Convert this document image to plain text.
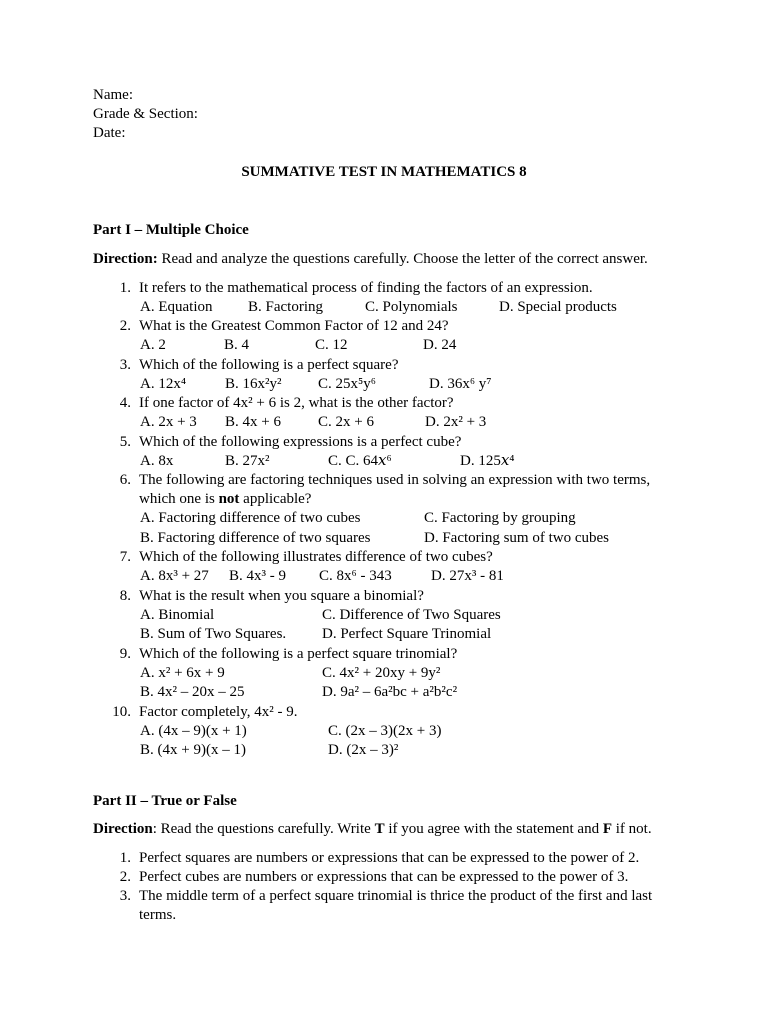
Name:
Grade & Section:
Date:
SUMMATIVE TEST IN MATHEMATICS 8
Part I – Multiple Choice
Direction: Read and analyze the questions carefully. Choose the letter of the correct answer.
1. It refers to the mathematical process of finding the factors of an expression.
A. Equation B. Factoring	C. Polynomials	D. Special products
2. What is the Greatest Common Factor of 12 and 24?
A. 2	B. 4	C. 12	D. 24
3. Which of the following is a perfect square?
A. 12x⁴	B. 16x²y² C. 25x⁵y⁶	D. 36x⁶ y⁷
4. If one factor of 4x² + 6 is 2, what is the other factor?
A. 2x + 3 B. 4x + 6 C. 2x + 6	D. 2x² + 3
5. Which of the following expressions is a perfect cube?
A. 8x	B. 27x²	C. C. 64𝑥⁶	D. 125𝑥⁴
6. The following are factoring techniques used in solving an expression with two terms,
which one is not applicable?
A. Factoring difference of two cubes	C. Factoring by grouping
B. Factoring difference of two squares	D. Factoring sum of two cubes
7. Which of the following illustrates difference of two cubes?
A. 8x³ + 27 B. 4x³ - 9 C. 8x⁶ - 343	D. 27x³ - 81
8. What is the result when you square a binomial?
A. Binomial	C. Difference of Two Squares
B. Sum of Two Squares. D. Perfect Square Trinomial
9. Which of the following is a perfect square trinomial?
A. x² + 6x + 9	C. 4x² + 20xy + 9y²
B. 4x² – 20x – 25	D. 9a² – 6a²bc + a²b²c²
10. Factor completely, 4x² - 9.
A. (4x – 9)(x + 1)	C. (2x – 3)(2x + 3)
B. (4x + 9)(x – 1)	D. (2x – 3)²
Part II – True or False
Direction: Read the questions carefully. Write T if you agree with the statement and F if not.
1. Perfect squares are numbers or expressions that can be expressed to the power of 2.
2. Perfect cubes are numbers or expressions that can be expressed to the power of 3.
3. The middle term of a perfect square trinomial is thrice the product of the first and last
terms.
